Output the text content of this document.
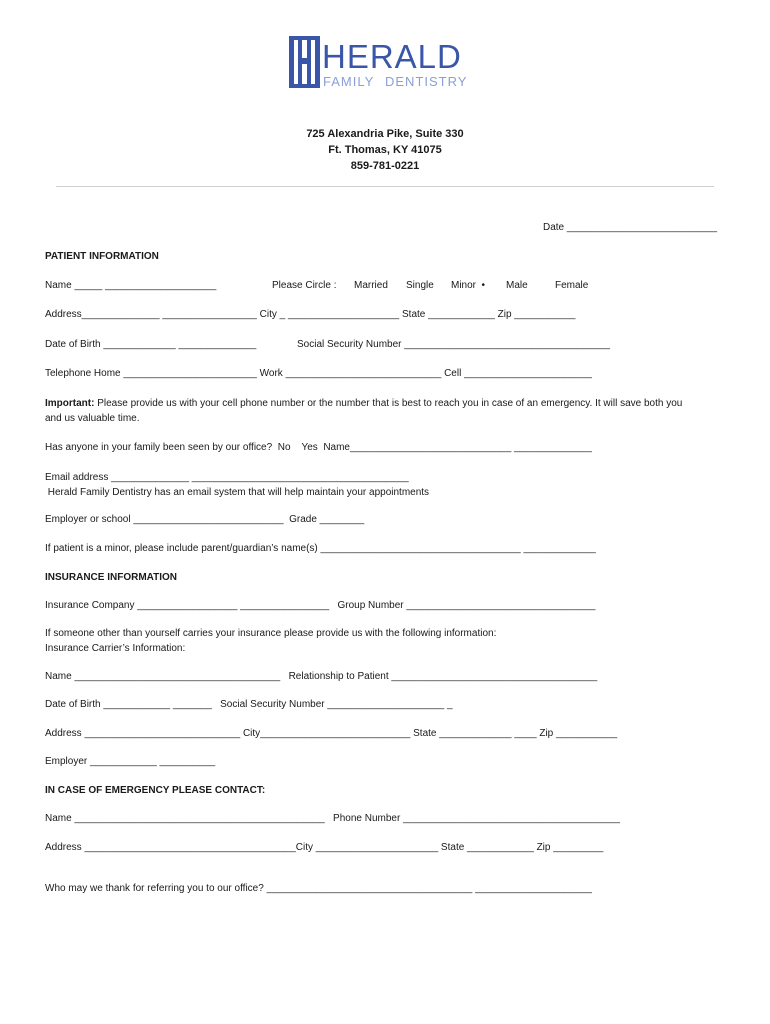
HERALD
FAMILY DENTISTRY
725 Alexandria Pike, Suite 330
Ft. Thomas, KY 41075
859-781-0221
Date ___________________________
PATIENT INFORMATION
Name _____ ____________________	Please Circle : Married Single Minor  • Male	Female
Address______________ _________________ City _ ____________________ State ____________ Zip ___________
Date of Birth _____________ ______________	Social Security Number _____________________________________
Telephone Home ________________________ Work ____________________________ Cell _______________________
Important: Please provide us with your cell phone number or the number that is best to reach you in case of an emergency. It will save both you
and us valuable time.
Has anyone in your family been seen by our office?  No    Yes  Name_____________________________ ______________
Email address ______________ _______________________________________
Herald Family Dentistry has an email system that will help maintain your appointments
Employer or school ___________________________  Grade ________
If patient is a minor, please include parent/guardian’s name(s) ____________________________________ _____________
INSURANCE INFORMATION
Insurance Company __________________ ________________   Group Number __________________________________
If someone other than yourself carries your insurance please provide us with the following information:
Insurance Carrier’s Information:
Name _____________________________________   Relationship to Patient _____________________________________
Date of Birth ____________ _______   Social Security Number _____________________ _
Address ____________________________ City___________________________ State _____________ ____ Zip ___________
Employer ____________ __________
IN CASE OF EMERGENCY PLEASE CONTACT:
Name _____________________________________________   Phone Number _______________________________________
Address ______________________________________City ______________________ State ____________ Zip _________
Who may we thank for referring you to our office? _____________________________________ _____________________
